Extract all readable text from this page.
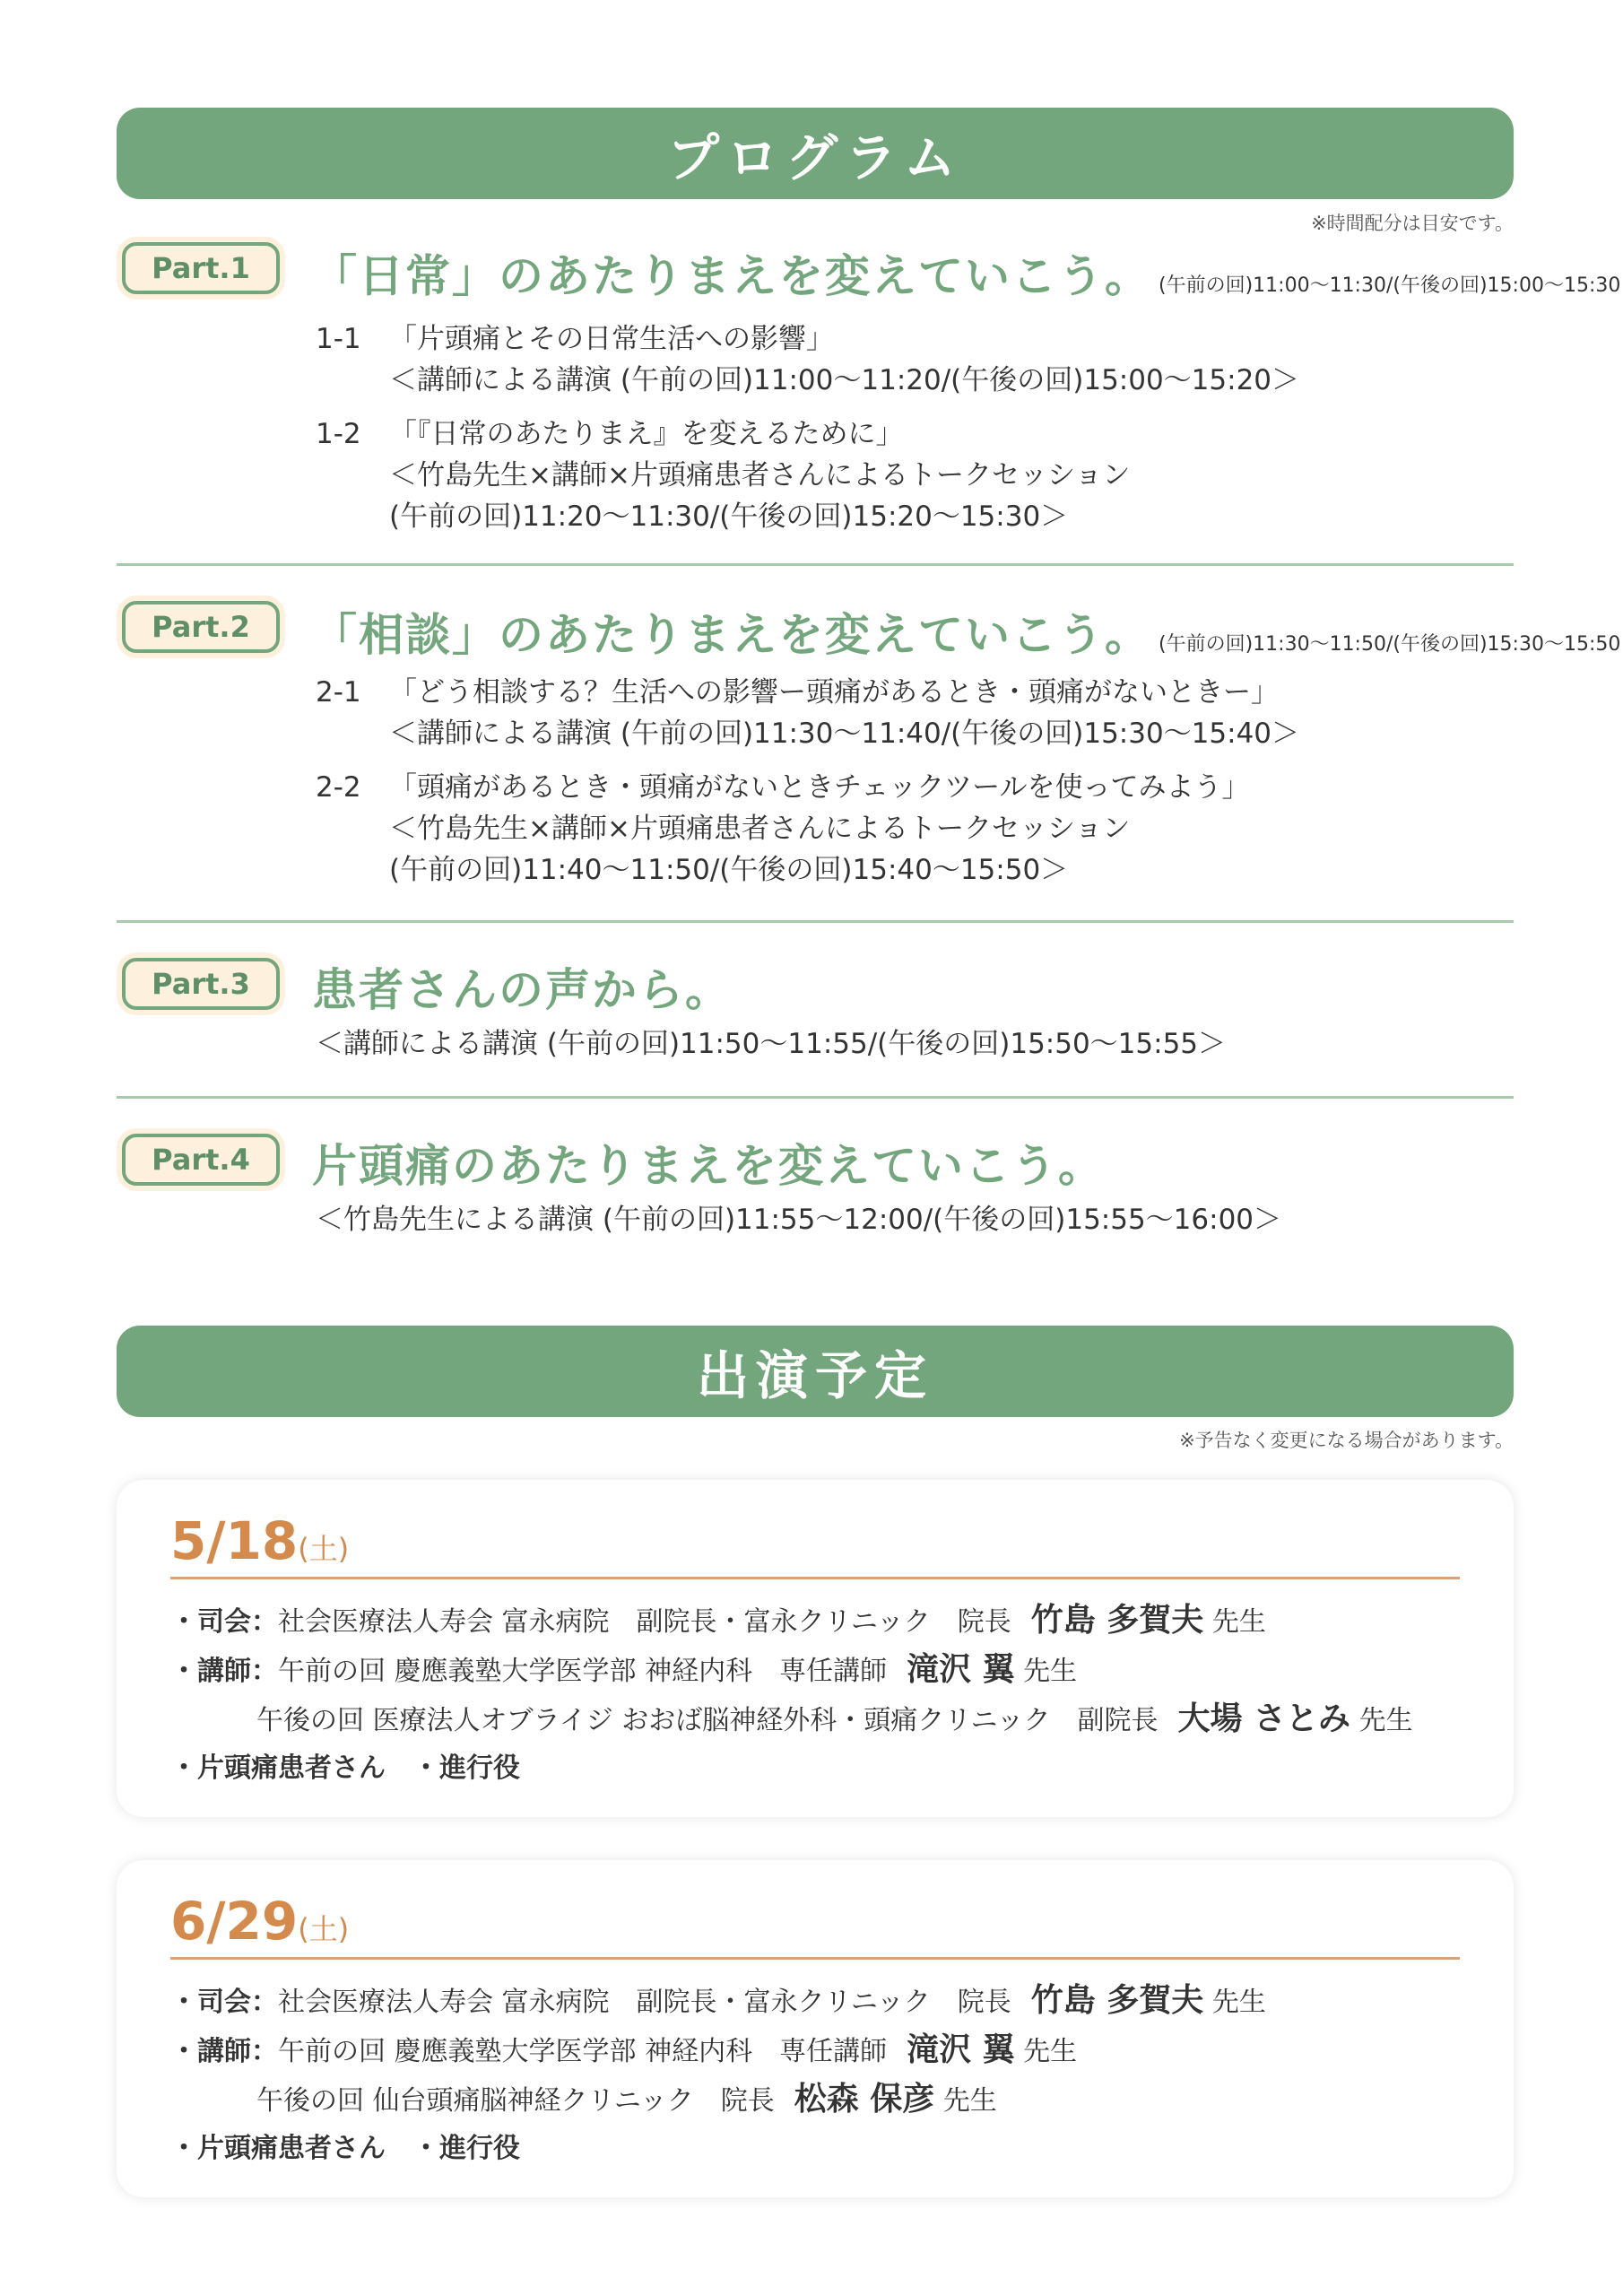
プログラム
※時間配分は目安です。
Part.1	「日常」のあたりまえを変えていこう。 (午前の回)11:00～11:30/(午後の回)15:00～15:30
1-1 「片頭痛とその日常生活への影響」
＜講師による講演 (午前の回)11:00～11:20/(午後の回)15:00～15:20＞
1-2 「『日常のあたりまえ』を変えるために」
＜竹島先生×講師×片頭痛患者さんによるトークセッション
(午前の回)11:20～11:30/(午後の回)15:20～15:30＞
Part.2	「相談」のあたりまえを変えていこう。 (午前の回)11:30～11:50/(午後の回)15:30～15:50
2-1 「どう相談する？生活への影響ー頭痛があるとき・頭痛がないときー」
＜講師による講演 (午前の回)11:30～11:40/(午後の回)15:30～15:40＞
2-2 「頭痛があるとき・頭痛がないときチェックツールを使ってみよう」
＜竹島先生×講師×片頭痛患者さんによるトークセッション
(午前の回)11:40～11:50/(午後の回)15:40～15:50＞
Part.3	患者さんの声から。
＜講師による講演 (午前の回)11:50～11:55/(午後の回)15:50～15:55＞
Part.4	片頭痛のあたりまえを変えていこう。
＜竹島先生による講演 (午前の回)11:55～12:00/(午後の回)15:55～16:00＞
出演予定
※予告なく変更になる場合があります。
5/18(土)
・司会：社会医療法人寿会 富永病院　副院長・富永クリニック　院長 竹島 多賀夫 先生
・講師：午前の回 慶應義塾大学医学部 神経内科　専任講師 滝沢 翼 先生
午後の回 医療法人オブライジ おおば脳神経外科・頭痛クリニック　副院長 大場 さとみ 先生
・片頭痛患者さん ・進行役
6/29(土)
・司会：社会医療法人寿会 富永病院　副院長・富永クリニック　院長 竹島 多賀夫 先生
・講師：午前の回 慶應義塾大学医学部 神経内科　専任講師 滝沢 翼 先生
午後の回 仙台頭痛脳神経クリニック　院長 松森 保彦 先生
・片頭痛患者さん ・進行役
